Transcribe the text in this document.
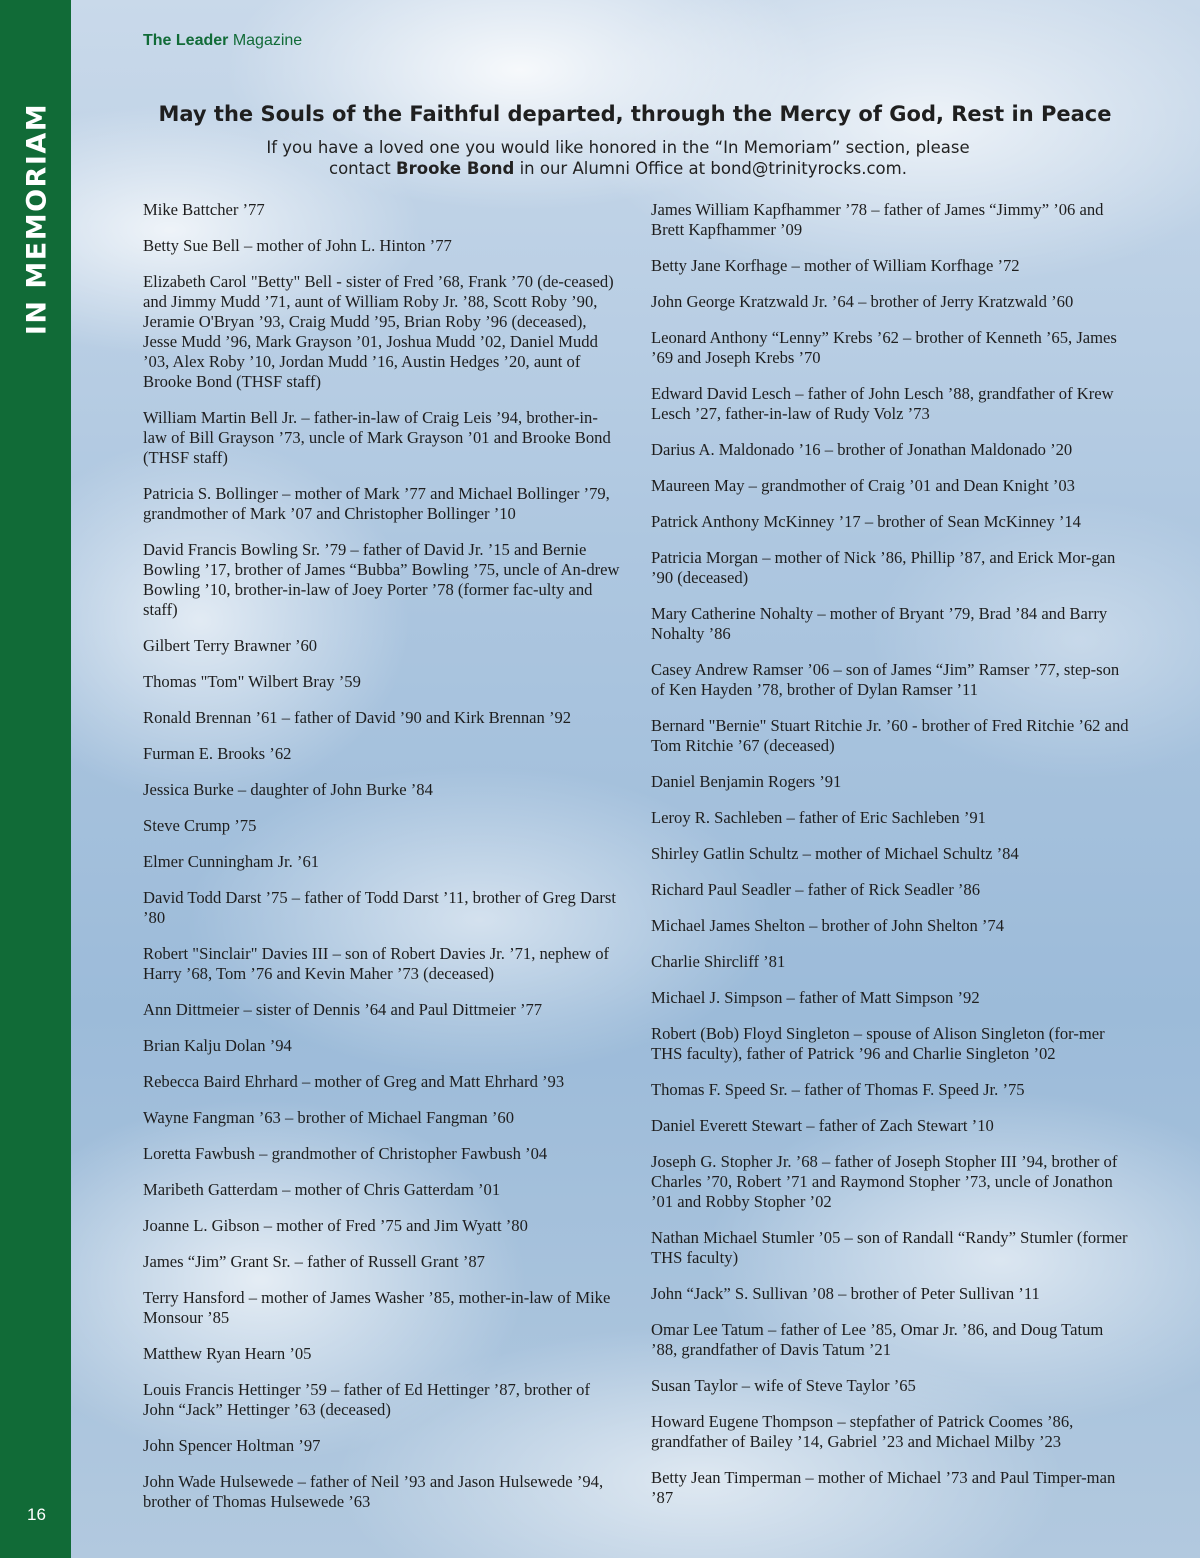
IN MEMORIAM
16
The Leader Magazine
May the Souls of the Faithful departed, through the Mercy of God, Rest in Peace
If you have a loved one you would like honored in the “In Memoriam” section, please
contact Brooke Bond in our Alumni Office at bond@trinityrocks.com.
Mike Battcher ’77
Betty Sue Bell – mother of John L. Hinton ’77
Elizabeth Carol "Betty" Bell - sister of Fred ’68, Frank ’70 (de-ceased) and Jimmy Mudd ’71, aunt of William Roby Jr. ’88, Scott Roby ’90, Jeramie O'Bryan ’93, Craig Mudd ’95, Brian Roby ’96 (deceased), Jesse Mudd ’96, Mark Grayson ’01, Joshua Mudd ’02, Daniel Mudd ’03, Alex Roby ’10, Jordan Mudd ’16, Austin Hedges ’20, aunt of Brooke Bond (THSF staff)
William Martin Bell Jr. – father-in-law of Craig Leis ’94, brother-in-law of Bill Grayson ’73, uncle of Mark Grayson ’01 and Brooke Bond (THSF staff)
Patricia S. Bollinger – mother of Mark ’77 and Michael Bollinger ’79, grandmother of Mark ’07 and Christopher Bollinger ’10
David Francis Bowling Sr. ’79 – father of David Jr. ’15 and Bernie Bowling ’17, brother of James “Bubba” Bowling ’75, uncle of An-drew Bowling ’10, brother-in-law of Joey Porter ’78 (former fac-ulty and staff)
Gilbert Terry Brawner ’60
Thomas "Tom" Wilbert Bray ’59
Ronald Brennan ’61 – father of David ’90 and Kirk Brennan ’92
Furman E. Brooks ’62
Jessica Burke – daughter of John Burke ’84
Steve Crump ’75
Elmer Cunningham Jr. ’61
David Todd Darst ’75 – father of Todd Darst ’11, brother of Greg Darst ’80
Robert "Sinclair" Davies III – son of Robert Davies Jr. ’71, nephew of Harry ’68, Tom ’76 and Kevin Maher ’73 (deceased)
Ann Dittmeier – sister of Dennis ’64 and Paul Dittmeier ’77
Brian Kalju Dolan ’94
Rebecca Baird Ehrhard – mother of Greg and Matt Ehrhard ’93
Wayne Fangman ’63 – brother of Michael Fangman ’60
Loretta Fawbush – grandmother of Christopher Fawbush ’04
Maribeth Gatterdam – mother of Chris Gatterdam ’01
Joanne L. Gibson – mother of Fred ’75 and Jim Wyatt ’80
James “Jim” Grant Sr. – father of Russell Grant ’87
Terry Hansford – mother of James Washer ’85, mother-in-law of Mike Monsour ’85
Matthew Ryan Hearn ’05
Louis Francis Hettinger ’59 – father of Ed Hettinger ’87, brother of John “Jack” Hettinger ’63 (deceased)
John Spencer Holtman ’97
John Wade Hulsewede – father of Neil ’93 and Jason Hulsewede ’94, brother of Thomas Hulsewede ’63
James William Kapfhammer ’78 – father of James “Jimmy” ’06 and Brett Kapfhammer ’09
Betty Jane Korfhage – mother of William Korfhage ’72
John George Kratzwald Jr. ’64 – brother of Jerry Kratzwald ’60
Leonard Anthony “Lenny” Krebs ’62 – brother of Kenneth ’65, James ’69 and Joseph Krebs ’70
Edward David Lesch – father of John Lesch ’88, grandfather of Krew Lesch ’27, father-in-law of Rudy Volz ’73
Darius A. Maldonado ’16 – brother of Jonathan Maldonado ’20
Maureen May – grandmother of Craig ’01 and Dean Knight ’03
Patrick Anthony McKinney ’17 – brother of Sean McKinney ’14
Patricia Morgan – mother of Nick ’86, Phillip ’87, and Erick Mor-gan ’90 (deceased)
Mary Catherine Nohalty – mother of Bryant ’79, Brad ’84 and Barry Nohalty ’86
Casey Andrew Ramser ’06 – son of James “Jim” Ramser ’77, step-son of Ken Hayden ’78, brother of Dylan Ramser ’11
Bernard "Bernie" Stuart Ritchie Jr. ’60 - brother of Fred Ritchie ’62 and Tom Ritchie ’67 (deceased)
Daniel Benjamin Rogers ’91
Leroy R. Sachleben – father of Eric Sachleben ’91
Shirley Gatlin Schultz – mother of Michael Schultz ’84
Richard Paul Seadler – father of Rick Seadler ’86
Michael James Shelton – brother of John Shelton ’74
Charlie Shircliff ’81
Michael J. Simpson – father of Matt Simpson ’92
Robert (Bob) Floyd Singleton – spouse of Alison Singleton (for-mer THS faculty), father of Patrick ’96 and Charlie Singleton ’02
Thomas F. Speed Sr. – father of Thomas F. Speed Jr. ’75
Daniel Everett Stewart – father of Zach Stewart ’10
Joseph G. Stopher Jr. ’68 – father of Joseph Stopher III ’94, brother of Charles ’70, Robert ’71 and Raymond Stopher ’73, uncle of Jonathon ’01 and Robby Stopher ’02
Nathan Michael Stumler ’05 – son of Randall “Randy” Stumler (former THS faculty)
John “Jack” S. Sullivan ’08 – brother of Peter Sullivan ’11
Omar Lee Tatum – father of Lee ’85, Omar Jr. ’86, and Doug Tatum ’88, grandfather of Davis Tatum ’21
Susan Taylor – wife of Steve Taylor ’65
Howard Eugene Thompson – stepfather of Patrick Coomes ’86, grandfather of Bailey ’14, Gabriel ’23 and Michael Milby ’23
Betty Jean Timperman – mother of Michael ’73 and Paul Timper-man ’87
